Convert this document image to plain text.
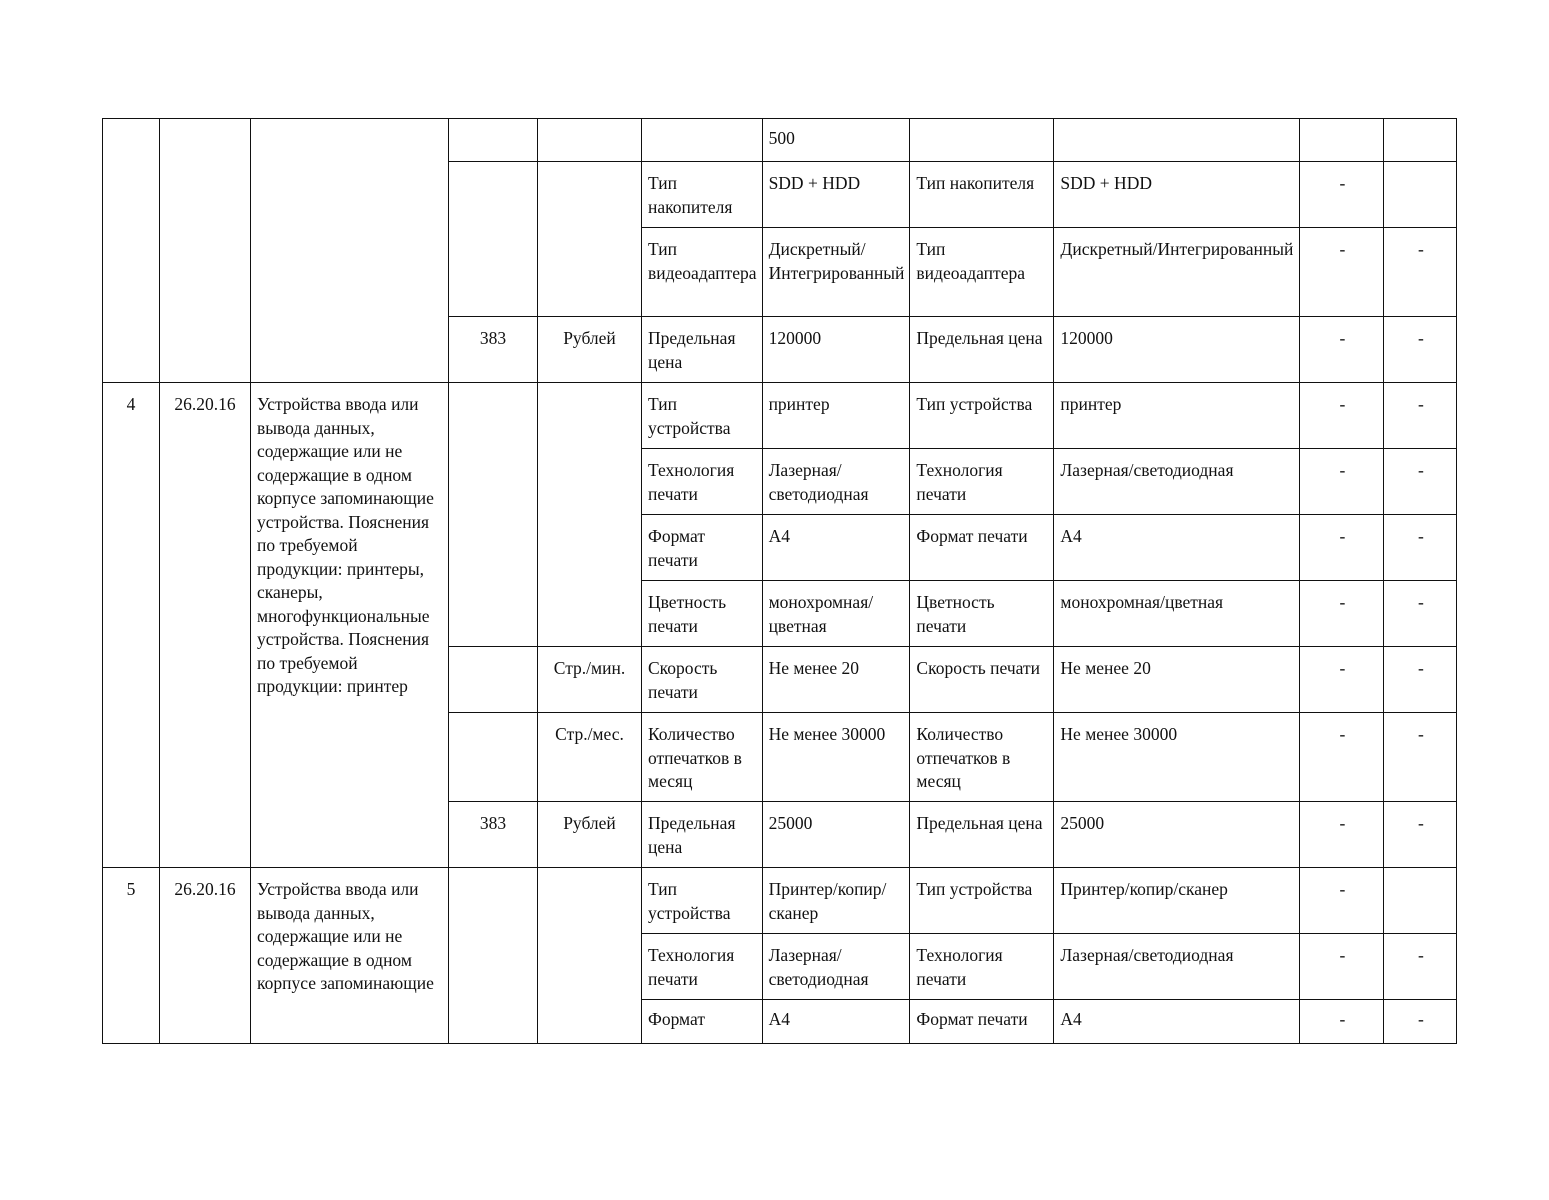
						500				
					Тип накопителя	SDD + HDD	Тип накопителя	SDD + HDD	-	
					Тип видеоадаптера	Дискретный/Интегрированный	Тип видеоадаптера	Дискретный/Интегрированный	-	-
			383	Рублей	Предельная цена	120000	Предельная цена	120000	-	-
4	26.20.16	Устройства ввода или вывода данных, содержащие или не содержащие в одном корпусе запоминающие устройства. Пояснения по требуемой продукции: принтеры, сканеры, многофункциональные устройства. Пояснения по требуемой продукции: принтер			Тип устройства	принтер	Тип устройства	принтер	-	-
					Технология печати	Лазерная/светодиодная	Технология печати	Лазерная/светодиодная	-	-
					Формат печати	А4	Формат печати	А4	-	-
					Цветность печати	монохромная/ цветная	Цветность печати	монохромная/цветная	-	-
				Стр./мин.	Скорость печати	Не менее 20	Скорость печати	Не менее 20	-	-
				Стр./мес.	Количество отпечатков в месяц	Не менее 30000	Количество отпечатков в месяц	Не менее 30000	-	-
			383	Рублей	Предельная цена	25000	Предельная цена	25000	-	-
5	26.20.16	Устройства ввода или вывода данных, содержащие или не содержащие в одном корпусе запоминающие			Тип устройства	Принтер/копир/сканер	Тип устройства	Принтер/копир/сканер	-	
					Технология печати	Лазерная/светодиодная	Технология печати	Лазерная/светодиодная	-	-
					Формат	А4	Формат печати	А4	-	-
